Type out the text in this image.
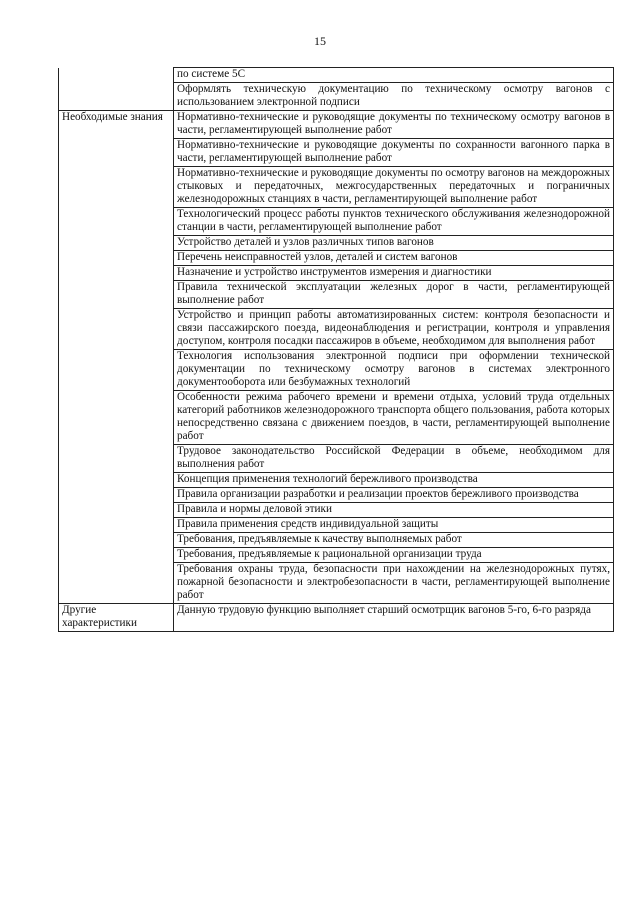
15
	по системе 5С
	Оформлять техническую документацию по техническому осмотру вагонов с использованием электронной подписи
Необходимые знания	Нормативно-технические и руководящие документы по техническому осмотру вагонов в части, регламентирующей выполнение работ
	Нормативно-технические и руководящие документы по сохранности вагонного парка в части, регламентирующей выполнение работ
	Нормативно-технические и руководящие документы по осмотру вагонов на междорожных стыковых и передаточных, межгосударственных передаточных и пограничных железнодорожных станциях в части, регламентирующей выполнение работ
	Технологический процесс работы пунктов технического обслуживания железнодорожной станции в части, регламентирующей выполнение работ
	Устройство деталей и узлов различных типов вагонов
	Перечень неисправностей узлов, деталей и систем вагонов
	Назначение и устройство инструментов измерения и диагностики
	Правила технической эксплуатации железных дорог в части, регламентирующей выполнение работ
	Устройство и принцип работы автоматизированных систем: контроля безопасности и связи пассажирского поезда, видеонаблюдения и регистрации, контроля и управления доступом, контроля посадки пассажиров в объеме, необходимом для выполнения работ
	Технология использования электронной подписи при оформлении технической документации по техническому осмотру вагонов в системах электронного документооборота или безбумажных технологий
	Особенности режима рабочего времени и времени отдыха, условий труда отдельных категорий работников железнодорожного транспорта общего пользования, работа которых непосредственно связана с движением поездов, в части, регламентирующей выполнение работ
	Трудовое законодательство Российской Федерации в объеме, необходимом для выполнения работ
	Концепция применения технологий бережливого производства
	Правила организации разработки и реализации проектов бережливого производства
	Правила и нормы деловой этики
	Правила применения средств индивидуальной защиты
	Требования, предъявляемые к качеству выполняемых работ
	Требования, предъявляемые к рациональной организации труда
	Требования охраны труда, безопасности при нахождении на железнодорожных путях, пожарной безопасности и электробезопасности в части, регламентирующей выполнение работ
Другие характеристики	Данную трудовую функцию выполняет старший осмотрщик вагонов 5-го, 6-го разряда
